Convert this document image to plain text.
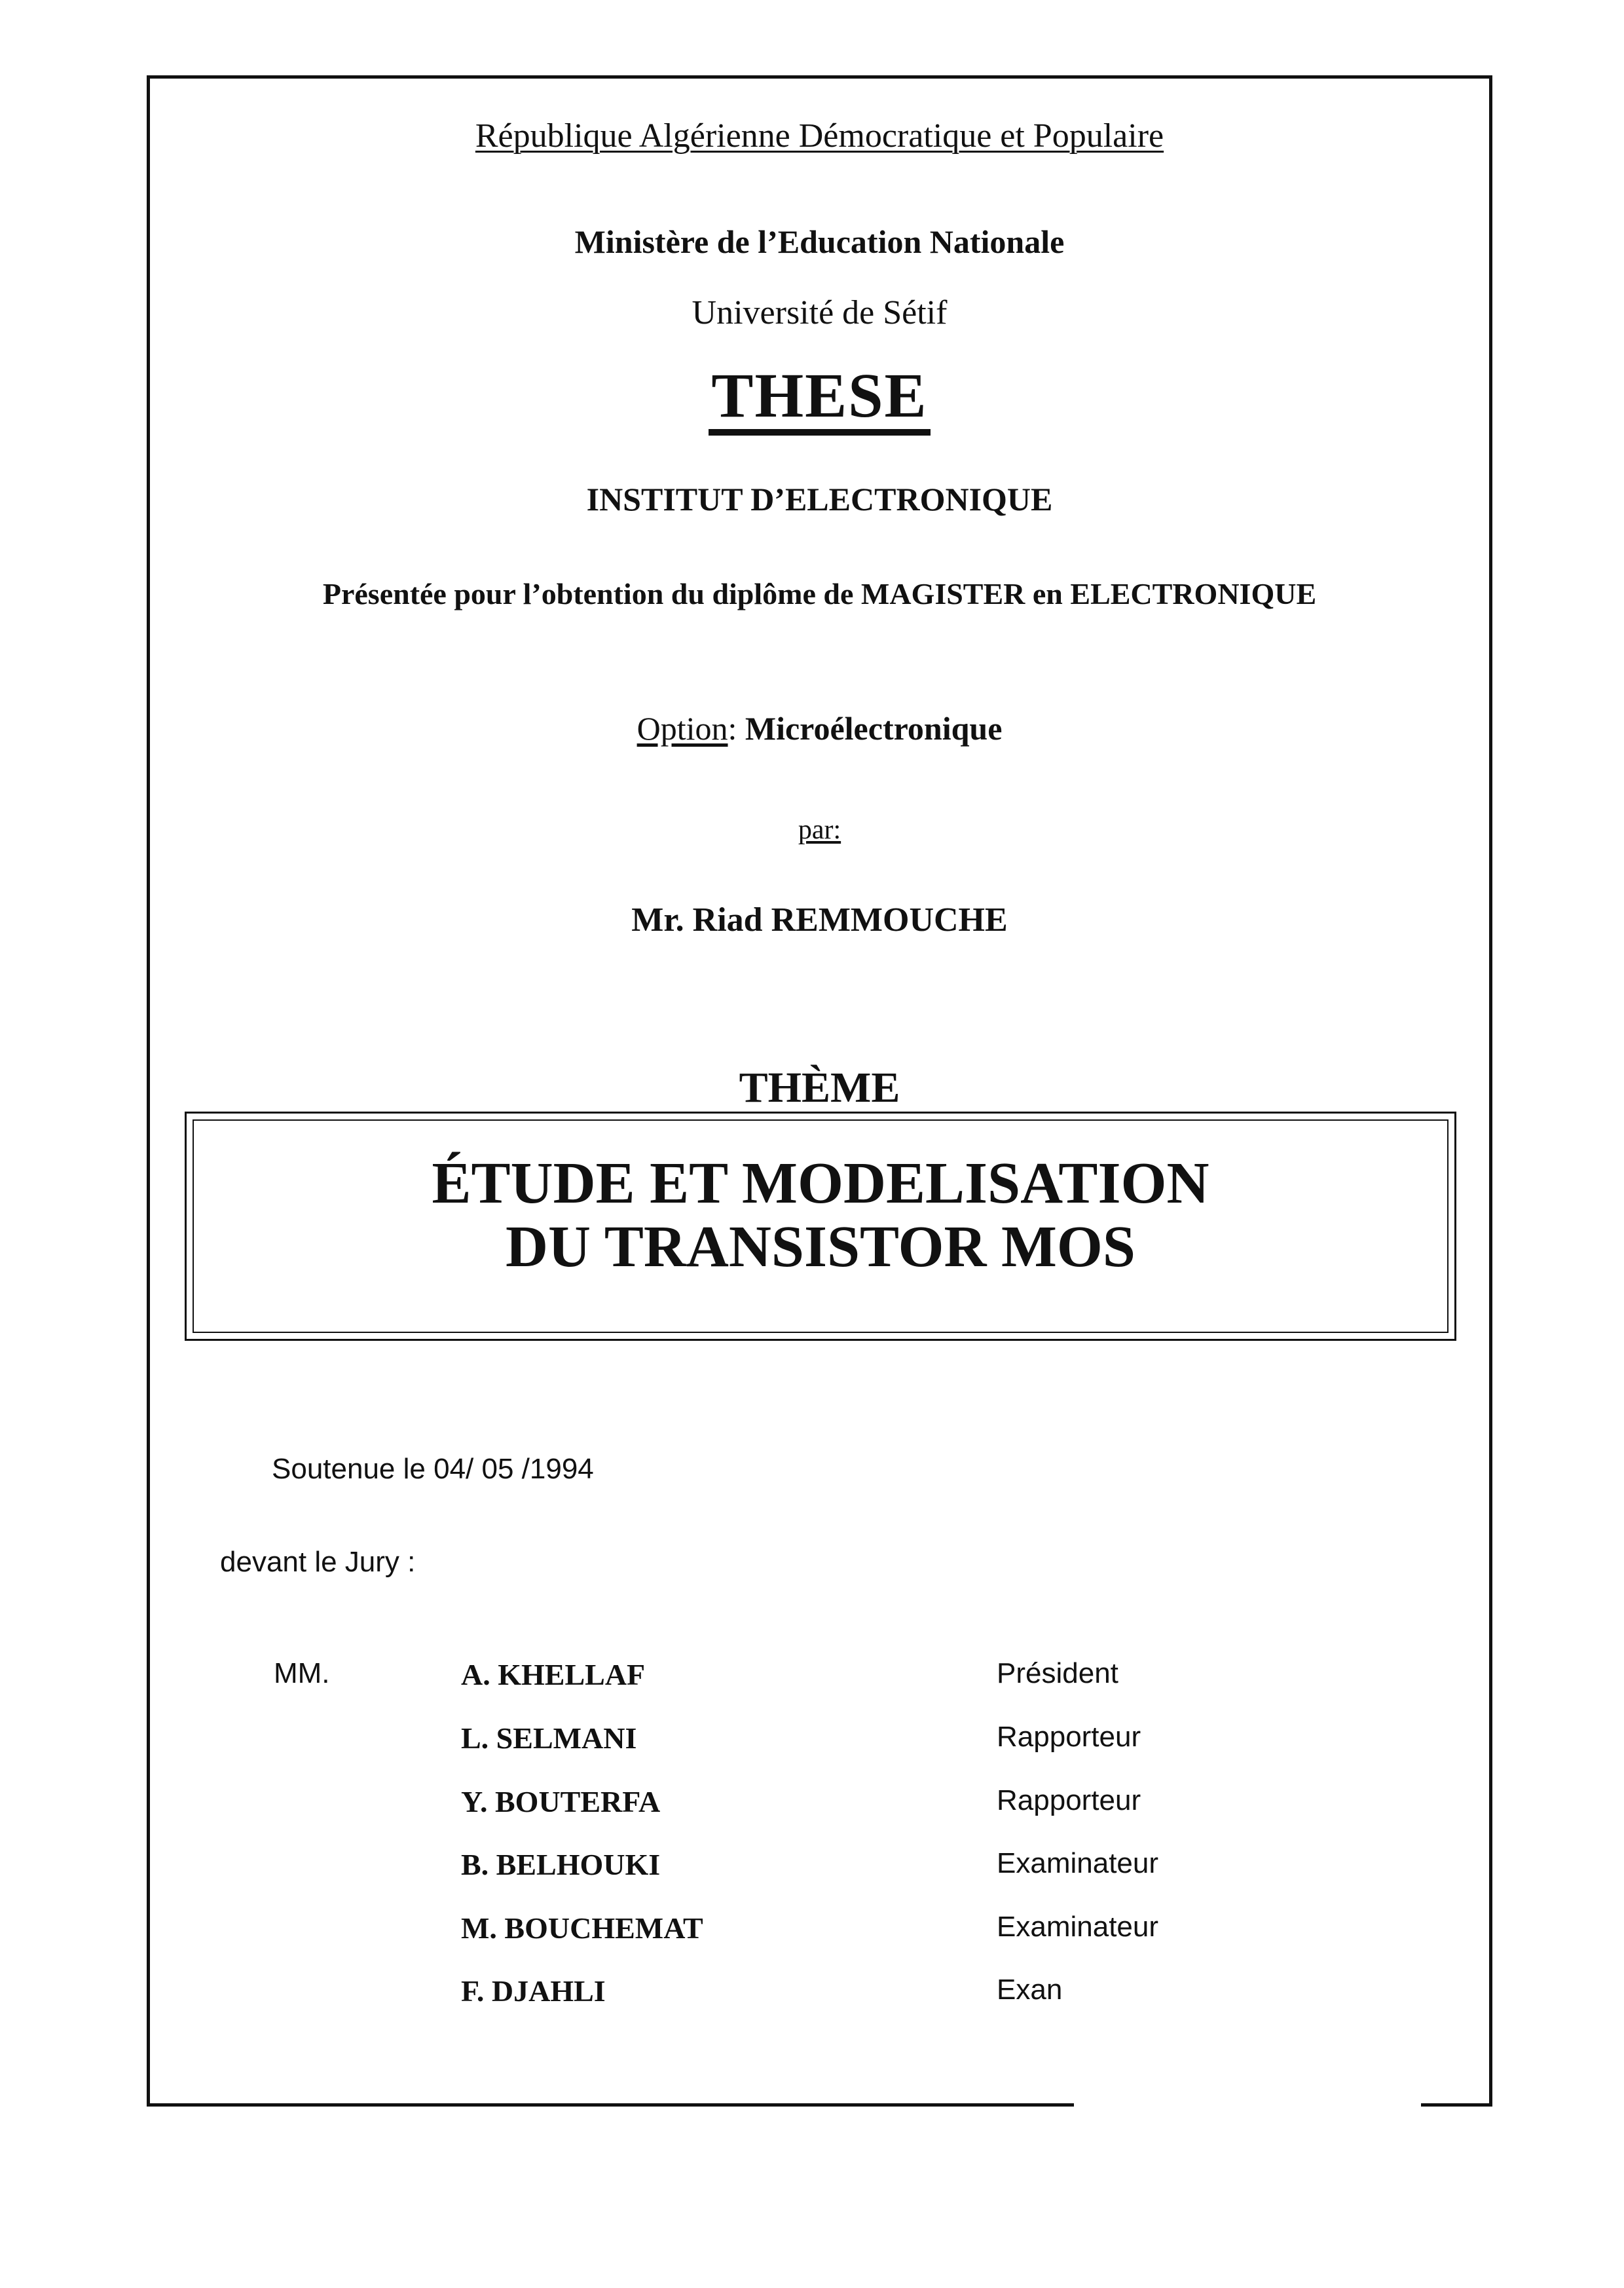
République Algérienne Démocratique et Populaire
Ministère de l’Education Nationale
Université de Sétif
THESE
INSTITUT D’ELECTRONIQUE
Présentée pour l’obtention du diplôme de MAGISTER en ELECTRONIQUE
Option: Microélectronique
par:
Mr. Riad REMMOUCHE
THÈME
ÉTUDE ET MODELISATION
DU TRANSISTOR MOS
Soutenue le 04/ 05 /1994
devant le Jury :
MM.	A. KHELLAF	Président
L. SELMANI	Rapporteur
Y. BOUTERFA	Rapporteur
B. BELHOUKI	Examinateur
M. BOUCHEMAT	Examinateur
F. DJAHLI	Exan
